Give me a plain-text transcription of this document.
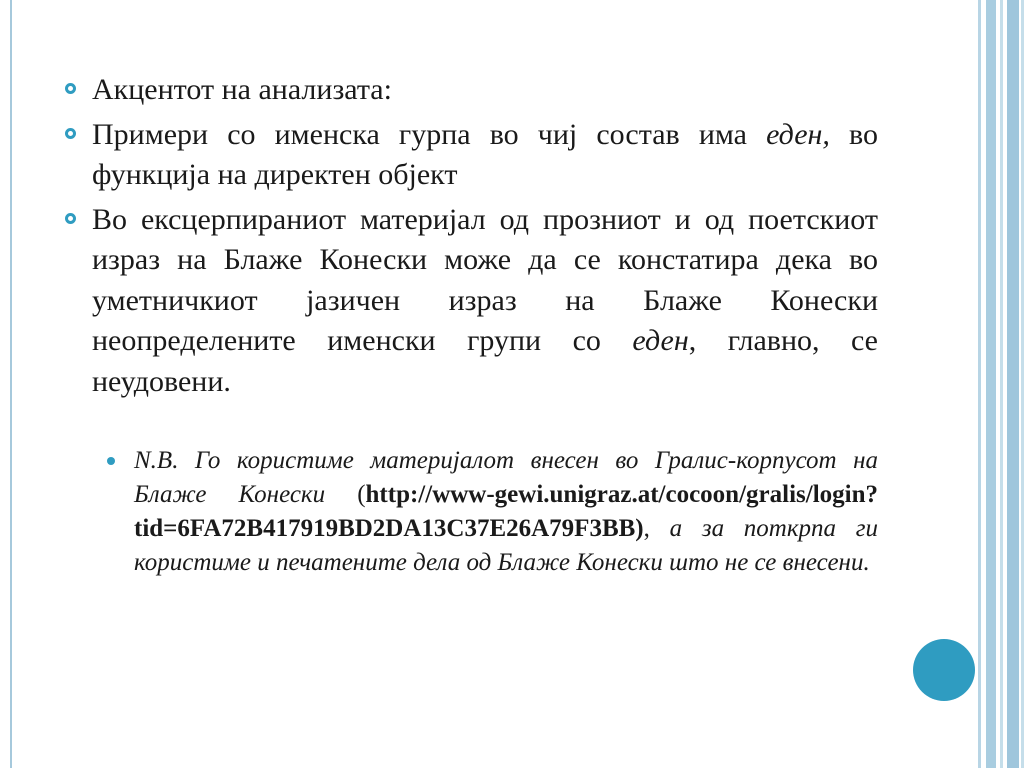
Акцентот на анализата:
Примери со именска гурпа во чиј состав има еден, во функција на директен објект
Во ексцерпираниот материјал од прозниот и од поетскиот израз на Блаже Конески може да се констатира дека во уметничкиот јазичен израз на Блаже Конески неопределените именски групи со еден, главно, се неудовени.
N.B. Го користиме материјалот внесен во Гралис-корпусот на Блаже Конески (http://www-gewi.unigraz.at/cocoon/gralis/login?tid=6FA72B417919BD2DA13C37E26A79F3BB), а за поткрпа ги користиме и печатените дела од Блаже Конески што не се внесени.
